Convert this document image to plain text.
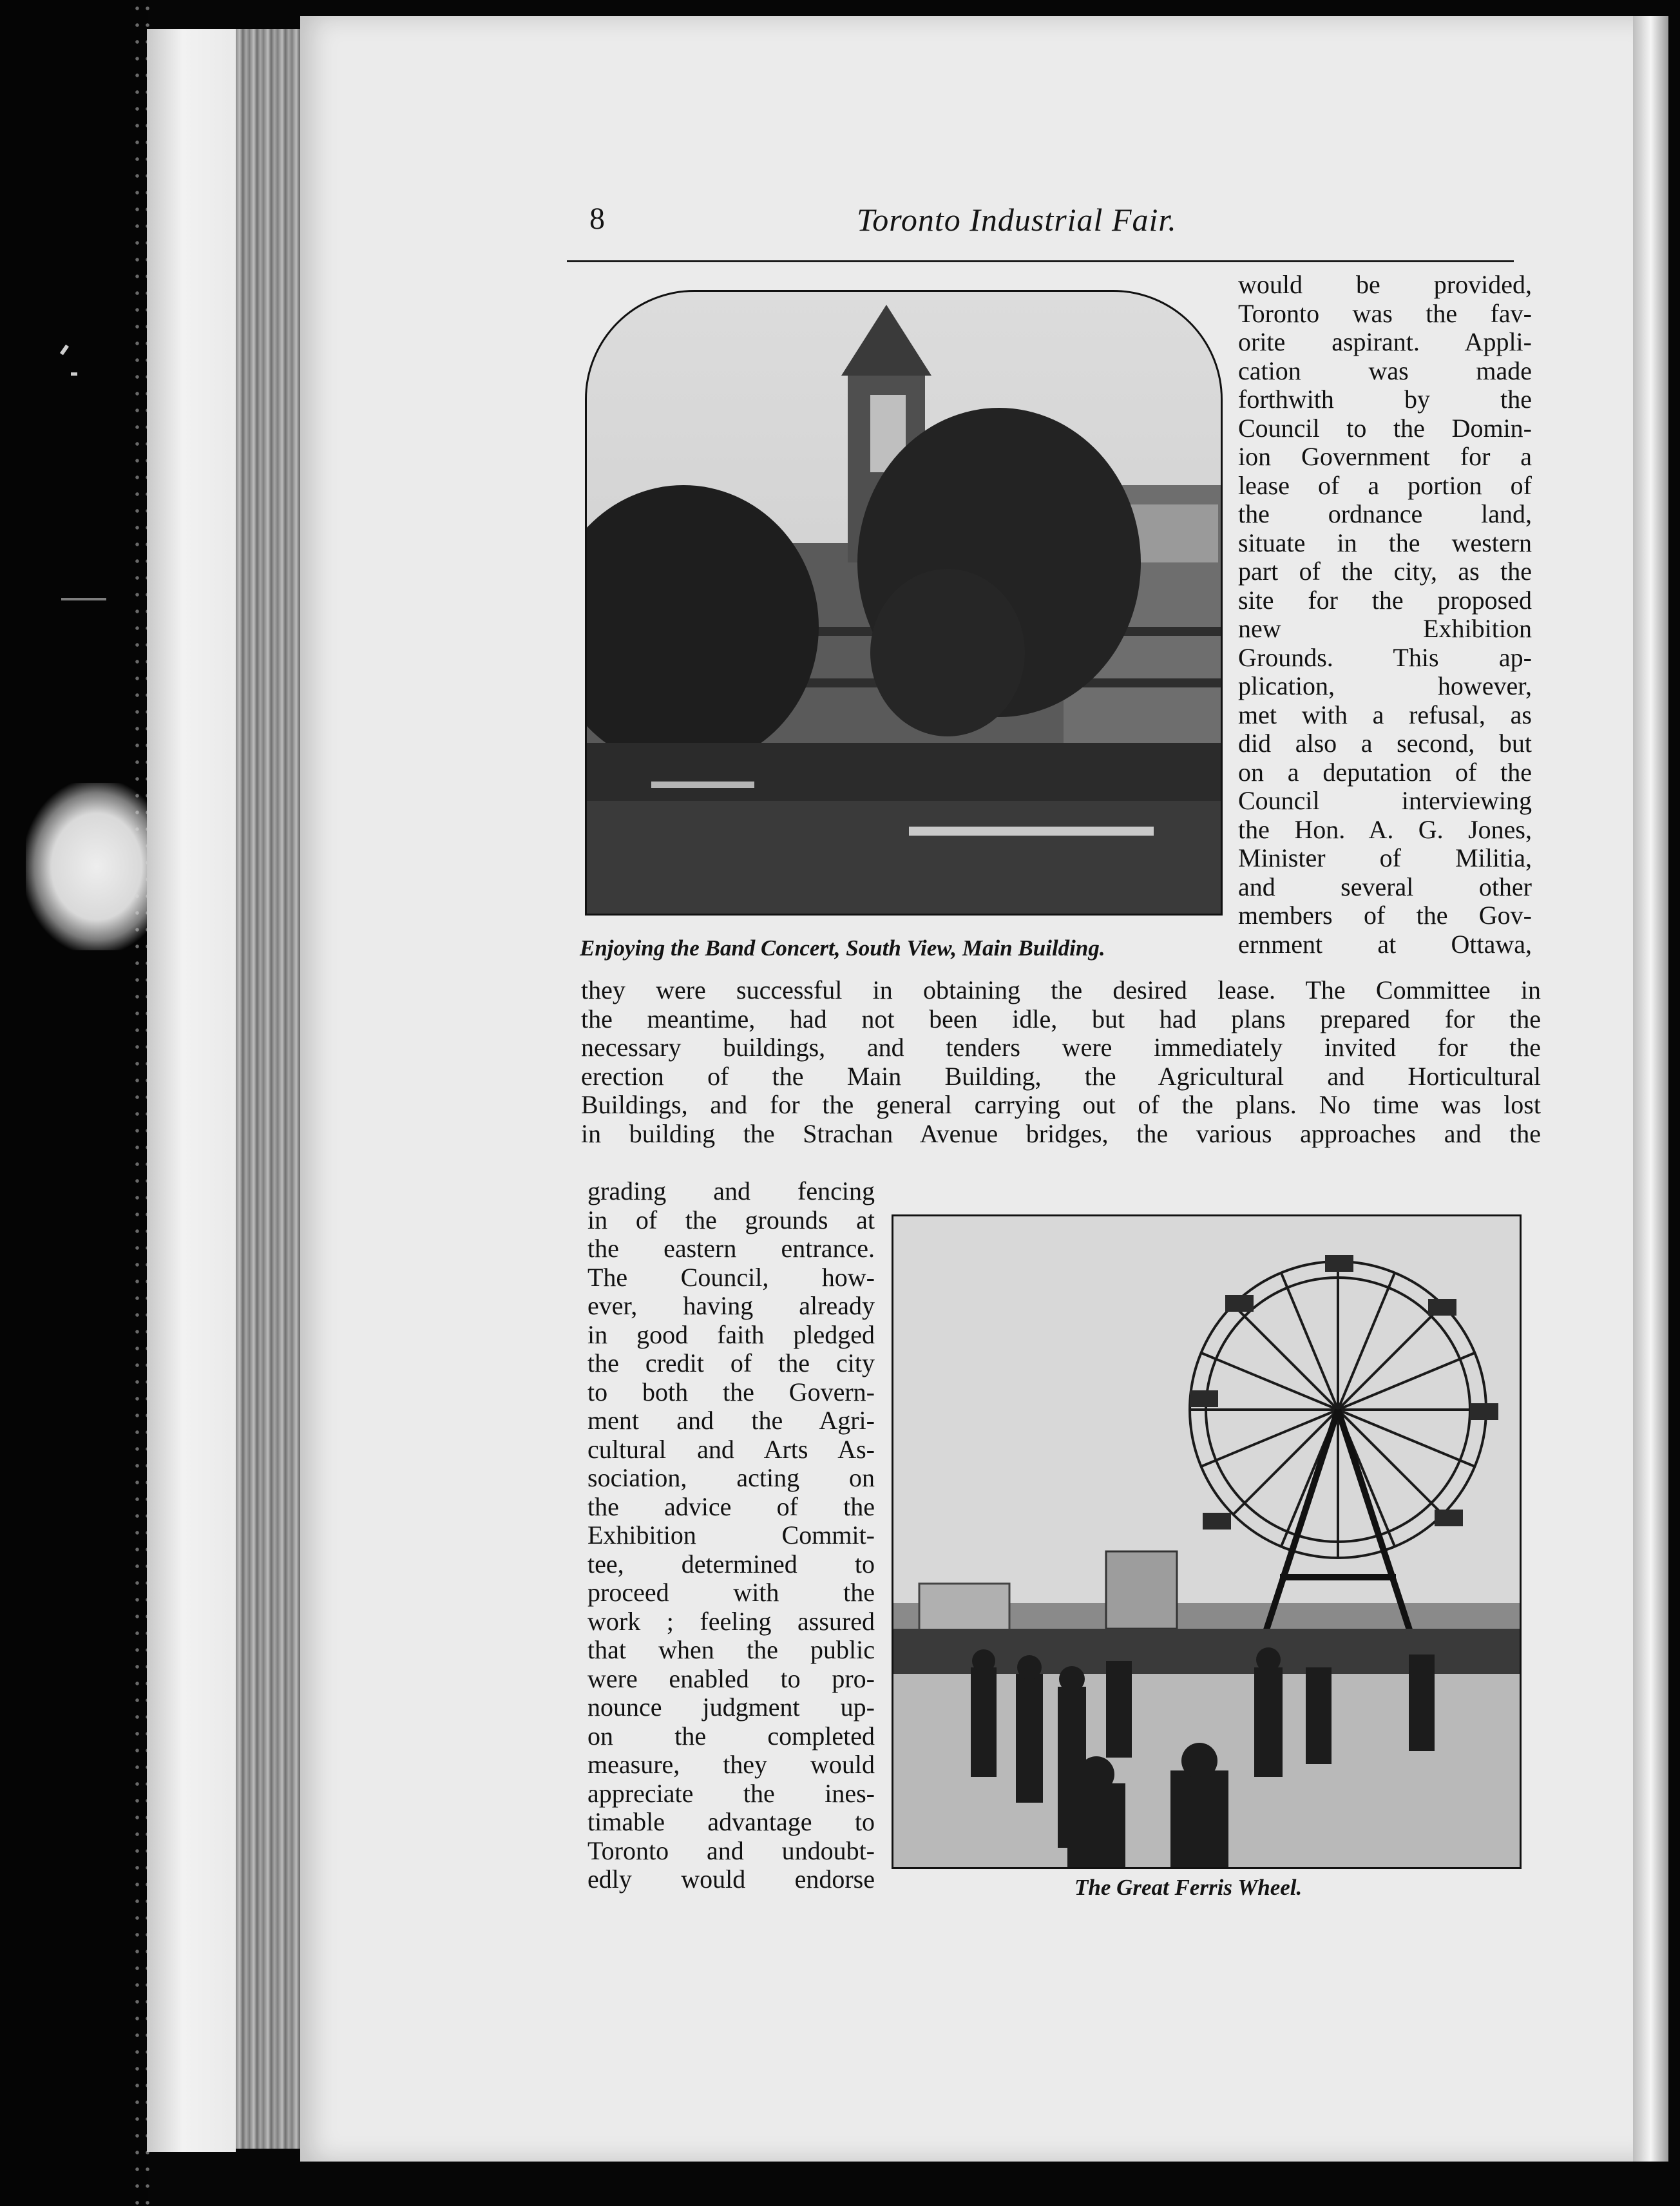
8	Toronto Industrial Fair.
Enjoying the Band Concert, South View, Main Building.
The Great Ferris Wheel.
would be provided,
Toronto was the fav-
orite aspirant. Appli-
cation was made
forthwith by the
Council to the Domin-
ion Government for a
lease of a portion of
the ordnance land,
situate in the western
part of the city, as the
site for the proposed
new Exhibition
Grounds. This ap-
plication, however,
met with a refusal, as
did also a second, but
on a deputation of the
Council interviewing
the Hon. A. G. Jones,
Minister of Militia,
and several other
members of the Gov-
ernment at Ottawa,
they were successful in obtaining the desired lease. The Committee in
the meantime, had not been idle, but had plans prepared for the
necessary buildings, and tenders were immediately invited for the
erection of the Main Building, the Agricultural and Horticultural
Buildings, and for the general carrying out of the plans. No time was lost
in building the Strachan Avenue bridges, the various approaches and the
grading and fencing
in of the grounds at
the eastern entrance.
The Council, how-
ever, having already
in good faith pledged
the credit of the city
to both the Govern-
ment and the Agri-
cultural and Arts As-
sociation, acting on
the advice of the
Exhibition Commit-
tee, determined to
proceed with the
work ; feeling assured
that when the public
were enabled to pro-
nounce judgment up-
on the completed
measure, they would
appreciate the ines-
timable advantage to
Toronto and undoubt-
edly would endorse
